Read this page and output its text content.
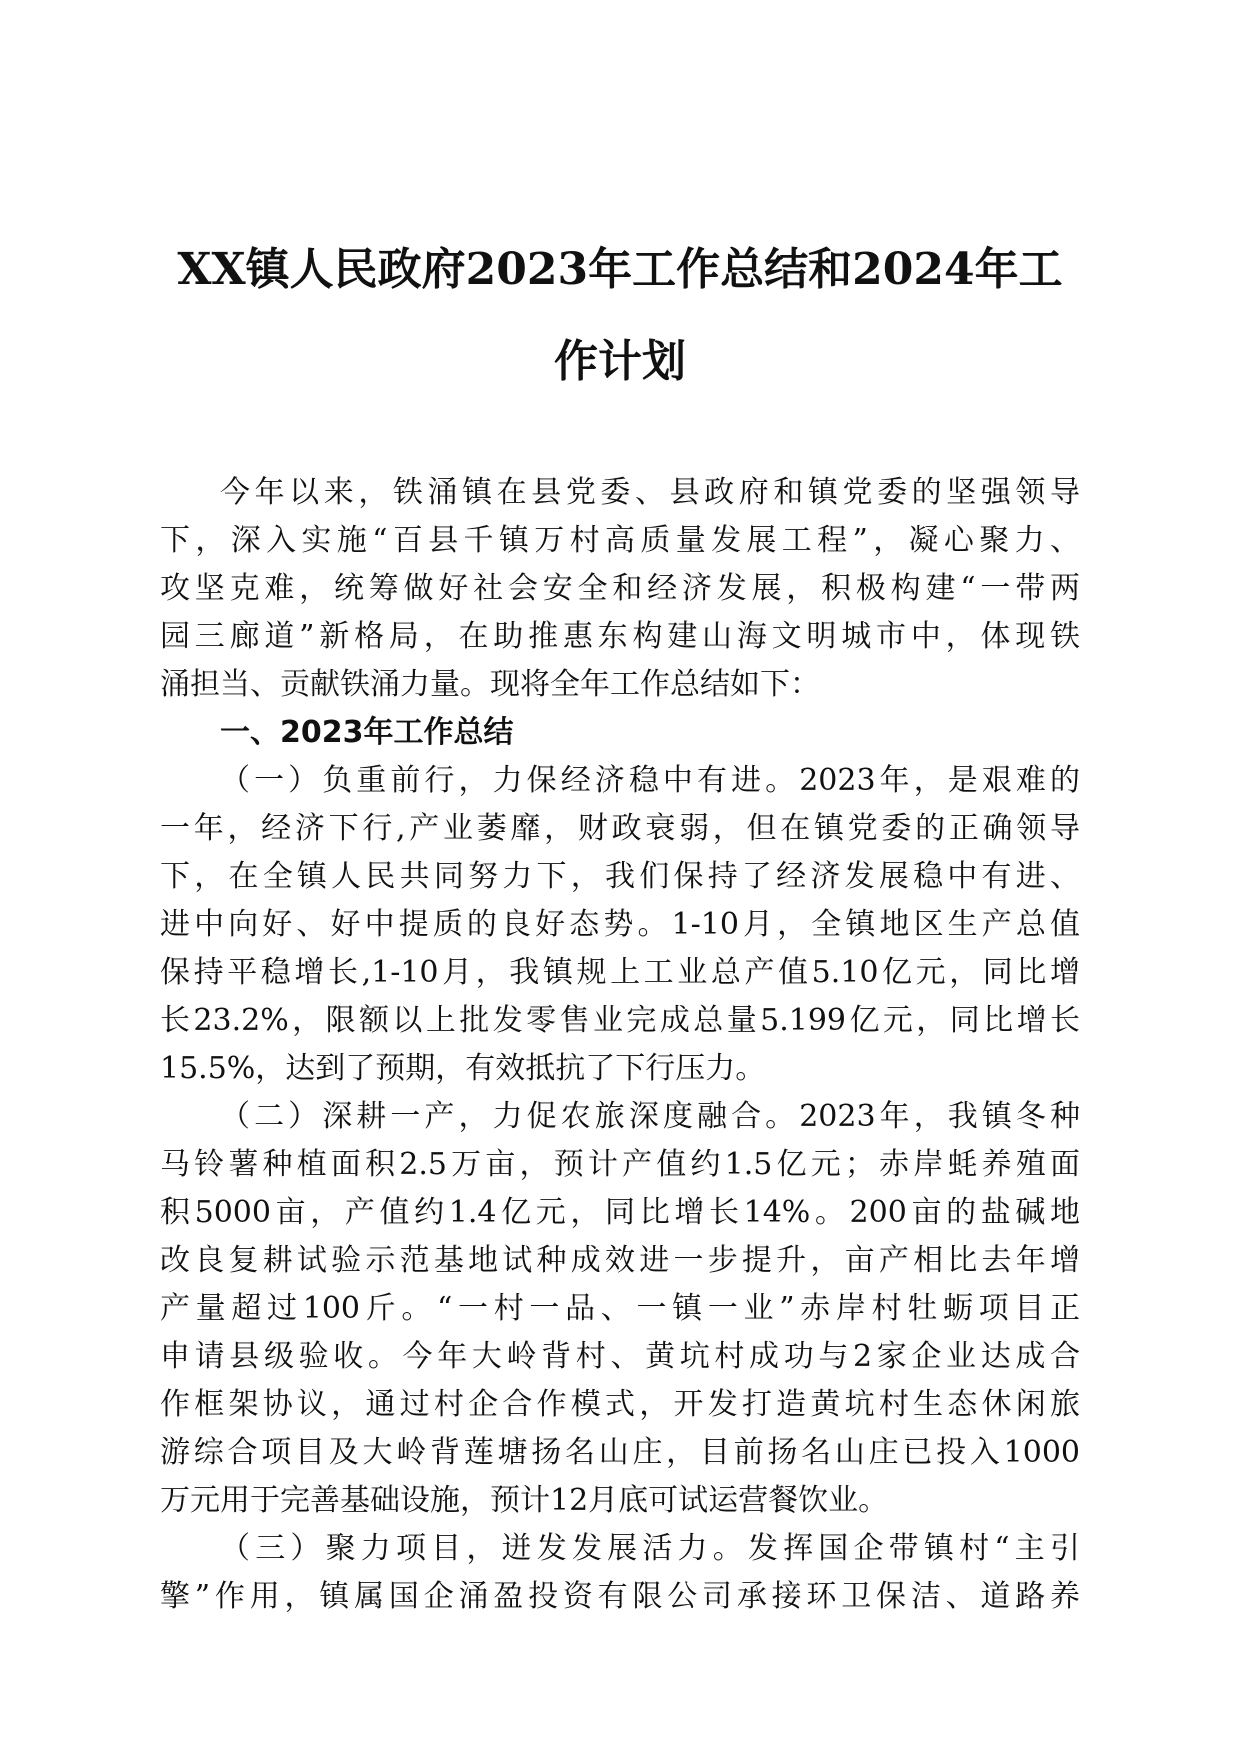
XX镇人民政府2023年工作总结和2024年工
作计划
今年以来，铁涌镇在县党委、县政府和镇党委的坚强领导
下，深入实施“百县千镇万村高质量发展工程”，凝心聚力、
攻坚克难，统筹做好社会安全和经济发展，积极构建“一带两
园三廊道”新格局，在助推惠东构建山海文明城市中，体现铁
涌担当、贡献铁涌力量。现将全年工作总结如下：
一、2023年工作总结
（一）负重前行，力保经济稳中有进。2023年，是艰难的
一年，经济下行,产业萎靡，财政衰弱，但在镇党委的正确领导
下，在全镇人民共同努力下，我们保持了经济发展稳中有进、
进中向好、好中提质的良好态势。1-10月，全镇地区生产总值
保持平稳增长,1-10月，我镇规上工业总产值5.10亿元，同比增
长23.2%，限额以上批发零售业完成总量5.199亿元，同比增长
15.5%，达到了预期，有效抵抗了下行压力。
（二）深耕一产，力促农旅深度融合。2023年，我镇冬种
马铃薯种植面积2.5万亩，预计产值约1.5亿元；赤岸蚝养殖面
积5000亩，产值约1.4亿元，同比增长14%。200亩的盐碱地
改良复耕试验示范基地试种成效进一步提升，亩产相比去年增
产量超过100斤。“一村一品、一镇一业”赤岸村牡蛎项目正
申请县级验收。今年大岭背村、黄坑村成功与2家企业达成合
作框架协议，通过村企合作模式，开发打造黄坑村生态休闲旅
游综合项目及大岭背莲塘扬名山庄，目前扬名山庄已投入1000
万元用于完善基础设施，预计12月底可试运营餐饮业。
（三）聚力项目，迸发发展活力。发挥国企带镇村“主引
擎”作用，镇属国企涌盈投资有限公司承接环卫保洁、道路养
